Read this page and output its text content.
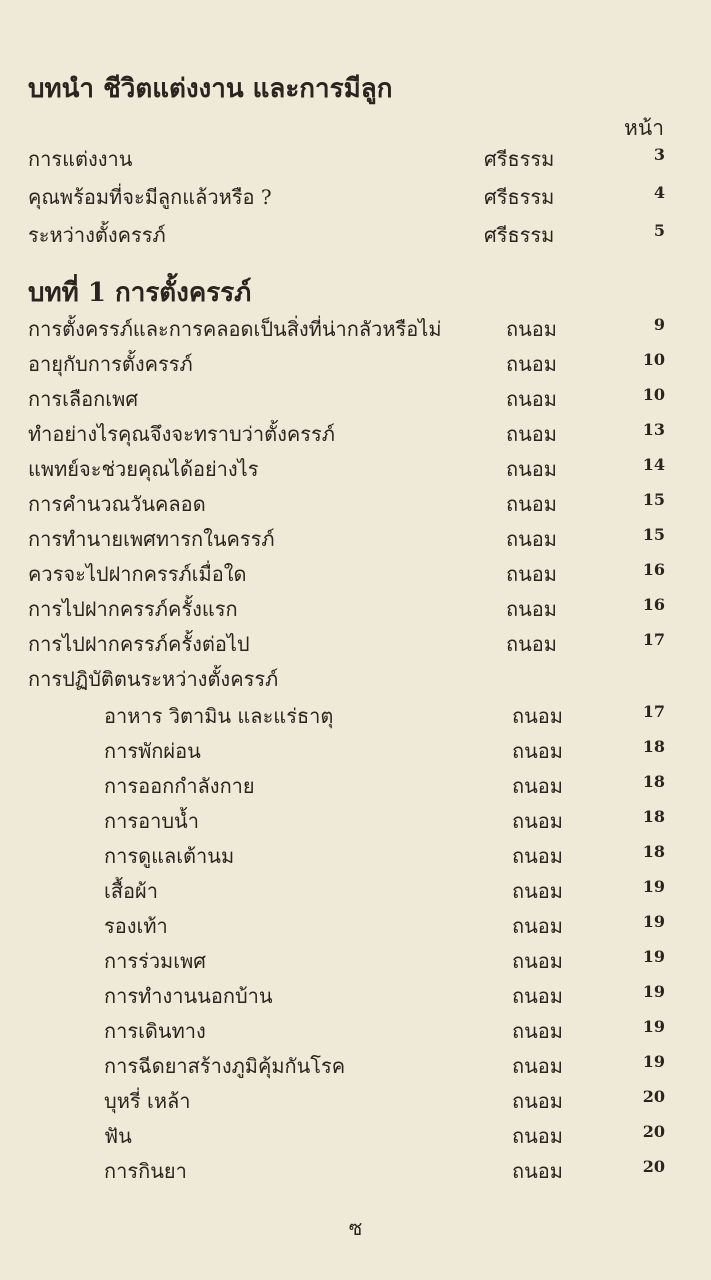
บทนำ ชีวิตแต่งงาน และการมีลูก
หน้า
การแต่งงาน	ศรีธรรม	3
คุณพร้อมที่จะมีลูกแล้วหรือ ?	ศรีธรรม	4
ระหว่างตั้งครรภ์	ศรีธรรม	5
บทที่ 1 การตั้งครรภ์
การตั้งครรภ์และการคลอดเป็นสิ่งที่น่ากลัวหรือไม่	ถนอม	9
อายุกับการตั้งครรภ์	ถนอม	10
การเลือกเพศ	ถนอม	10
ทำอย่างไรคุณจึงจะทราบว่าตั้งครรภ์	ถนอม	13
แพทย์จะช่วยคุณได้อย่างไร	ถนอม	14
การคำนวณวันคลอด	ถนอม	15
การทำนายเพศทารกในครรภ์	ถนอม	15
ควรจะไปฝากครรภ์เมื่อใด	ถนอม	16
การไปฝากครรภ์ครั้งแรก	ถนอม	16
การไปฝากครรภ์ครั้งต่อไป	ถนอม	17
การปฏิบัติตนระหว่างตั้งครรภ์
อาหาร วิตามิน และแร่ธาตุ	ถนอม	17
การพักผ่อน	ถนอม	18
การออกกำลังกาย	ถนอม	18
การอาบน้ำ	ถนอม	18
การดูแลเต้านม	ถนอม	18
เสื้อผ้า	ถนอม	19
รองเท้า	ถนอม	19
การร่วมเพศ	ถนอม	19
การทำงานนอกบ้าน	ถนอม	19
การเดินทาง	ถนอม	19
การฉีดยาสร้างภูมิคุ้มกันโรค	ถนอม	19
บุหรี่ เหล้า	ถนอม	20
ฟัน	ถนอม	20
การกินยา	ถนอม	20
ซ
